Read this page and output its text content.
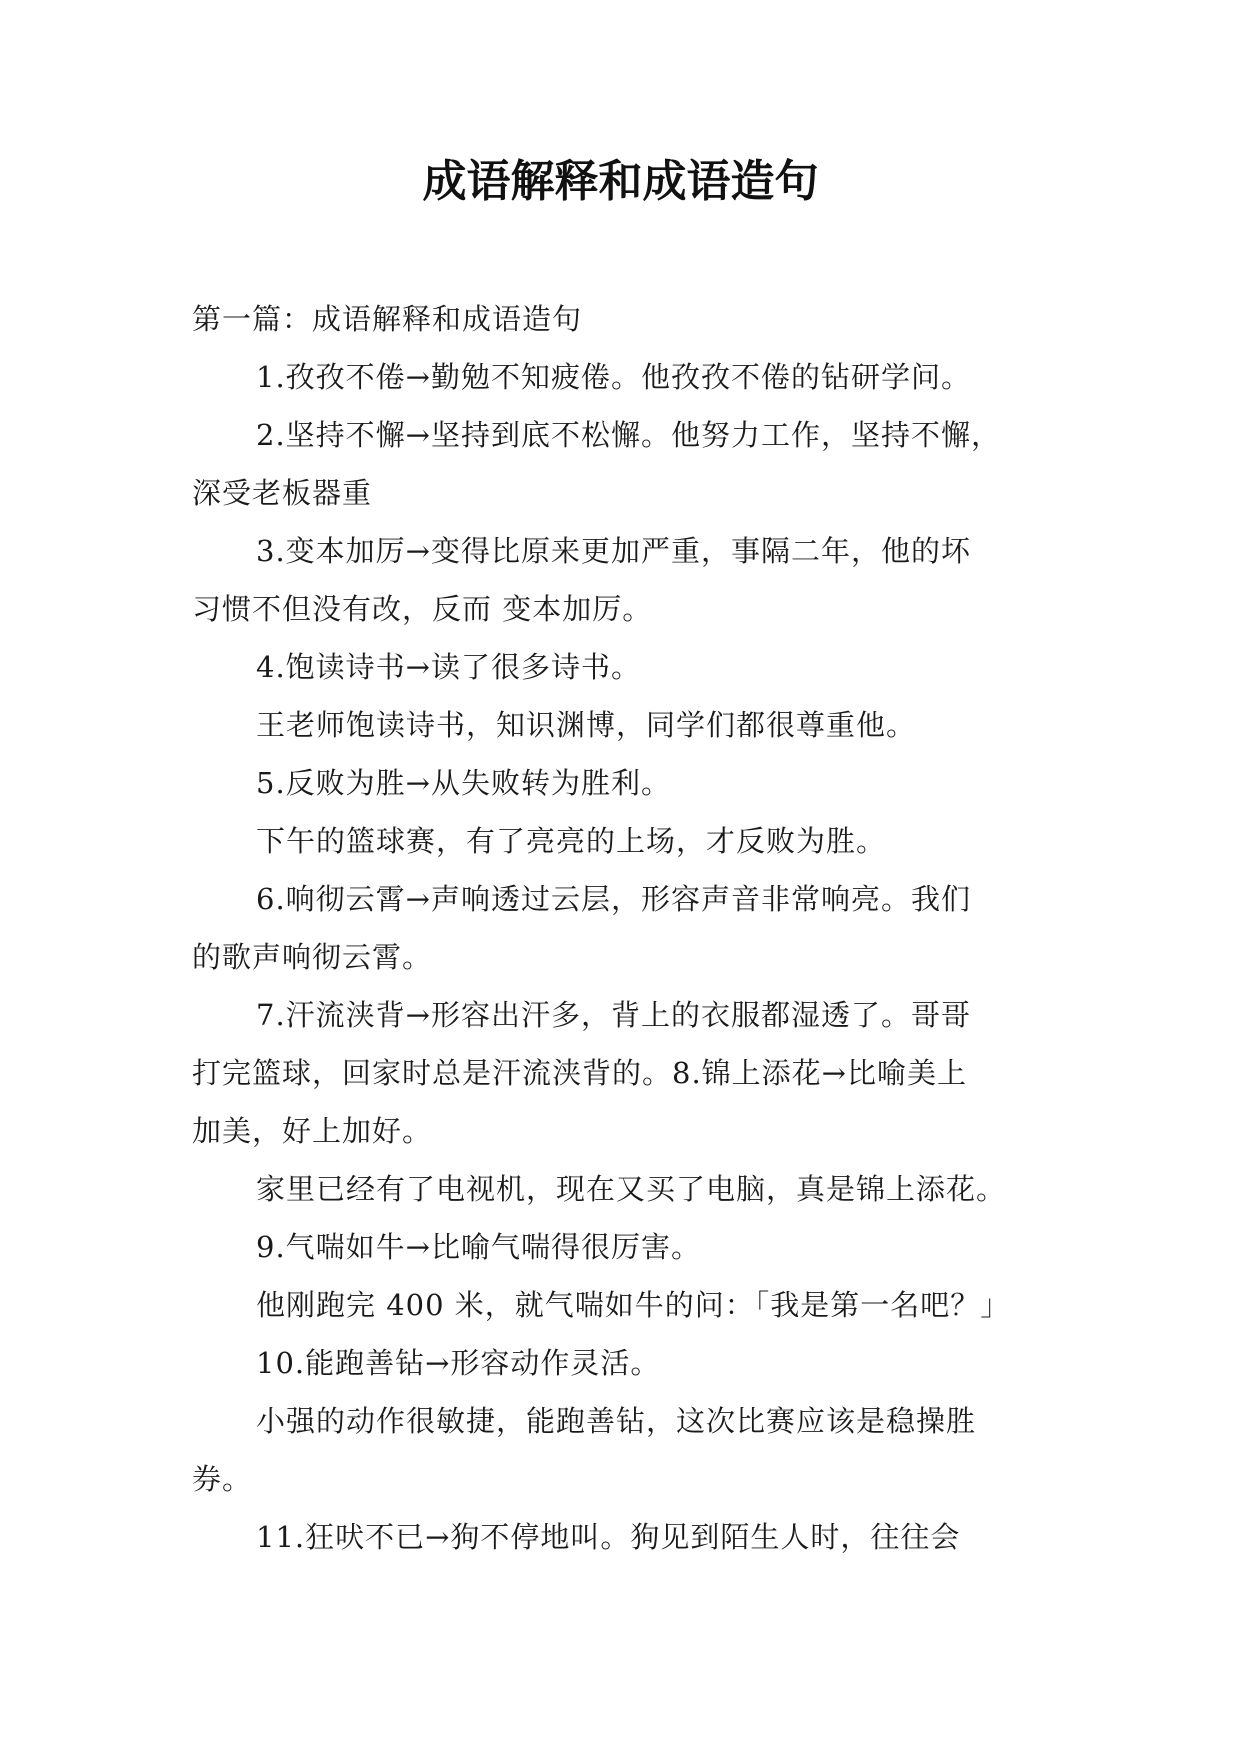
成语解释和成语造句

第一篇：成语解释和成语造句

1.孜孜不倦→勤勉不知疲倦。他孜孜不倦的钻研学问。

2.坚持不懈→坚持到底不松懈。他努力工作，坚持不懈，

深受老板器重

3.变本加厉→变得比原来更加严重，事隔二年，他的坏

习惯不但没有改，反而 变本加厉。

4.饱读诗书→读了很多诗书。

王老师饱读诗书，知识渊博，同学们都很尊重他。

5.反败为胜→从失败转为胜利。

下午的篮球赛，有了亮亮的上场，才反败为胜。

6.响彻云霄→声响透过云层，形容声音非常响亮。我们

的歌声响彻云霄。

7.汗流浃背→形容出汗多，背上的衣服都湿透了。哥哥

打完篮球，回家时总是汗流浃背的。8.锦上添花→比喻美上

加美，好上加好。

家里已经有了电视机，现在又买了电脑，真是锦上添花。

9.气喘如牛→比喻气喘得很厉害。

他刚跑完 400 米，就气喘如牛的问：「我是第一名吧？」

10.能跑善钻→形容动作灵活。

小强的动作很敏捷，能跑善钻，这次比赛应该是稳操胜

券。

11.狂吠不已→狗不停地叫。狗见到陌生人时，往往会
